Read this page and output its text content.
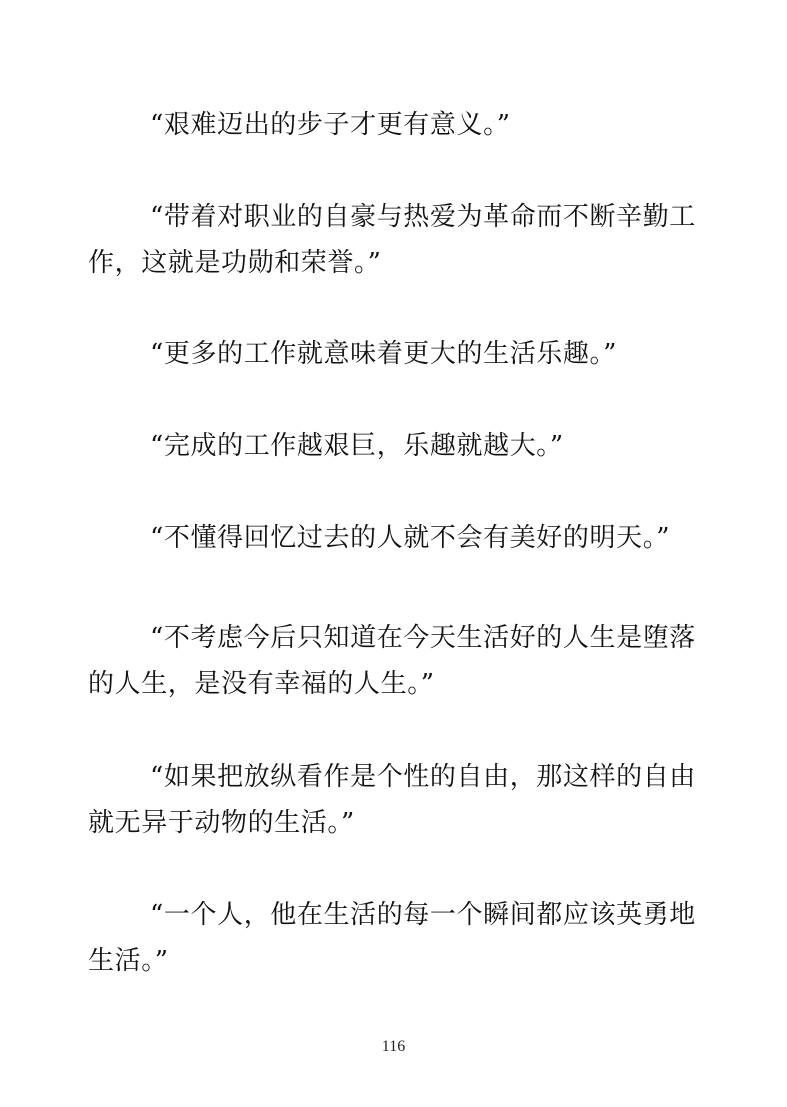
“艰难迈出的步子才更有意义。”

“带着对职业的自豪与热爱为革命而不断辛勤工作，这就是功勋和荣誉。”

“更多的工作就意味着更大的生活乐趣。”

“完成的工作越艰巨，乐趣就越大。”

“不懂得回忆过去的人就不会有美好的明天。”

“不考虑今后只知道在今天生活好的人生是堕落的人生，是没有幸福的人生。”

“如果把放纵看作是个性的自由，那这样的自由就无异于动物的生活。”

“一个人，他在生活的每一个瞬间都应该英勇地生活。”

116
